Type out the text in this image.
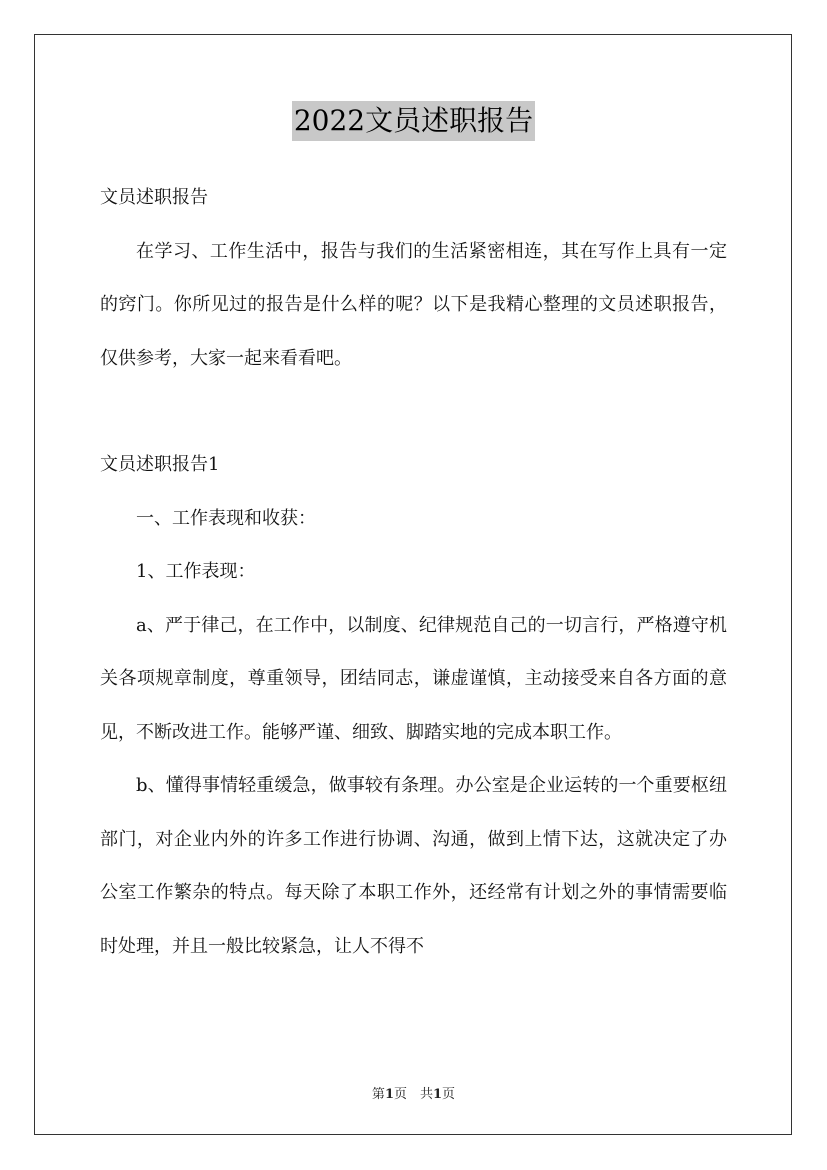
2022文员述职报告

文员述职报告

在学习、工作生活中，报告与我们的生活紧密相连，其在写作上具有一定的窍门。你所见过的报告是什么样的呢？以下是我精心整理的文员述职报告，仅供参考，大家一起来看看吧。

文员述职报告1

一、工作表现和收获：

1、工作表现：

a、严于律己，在工作中，以制度、纪律规范自己的一切言行，严格遵守机关各项规章制度，尊重领导，团结同志，谦虚谨慎，主动接受来自各方面的意见，不断改进工作。能够严谨、细致、脚踏实地的完成本职工作。

b、懂得事情轻重缓急，做事较有条理。办公室是企业运转的一个重要枢纽部门，对企业内外的许多工作进行协调、沟通，做到上情下达，这就决定了办公室工作繁杂的特点。每天除了本职工作外，还经常有计划之外的事情需要临时处理，并且一般比较紧急，让人不得不

第1页　共1页
